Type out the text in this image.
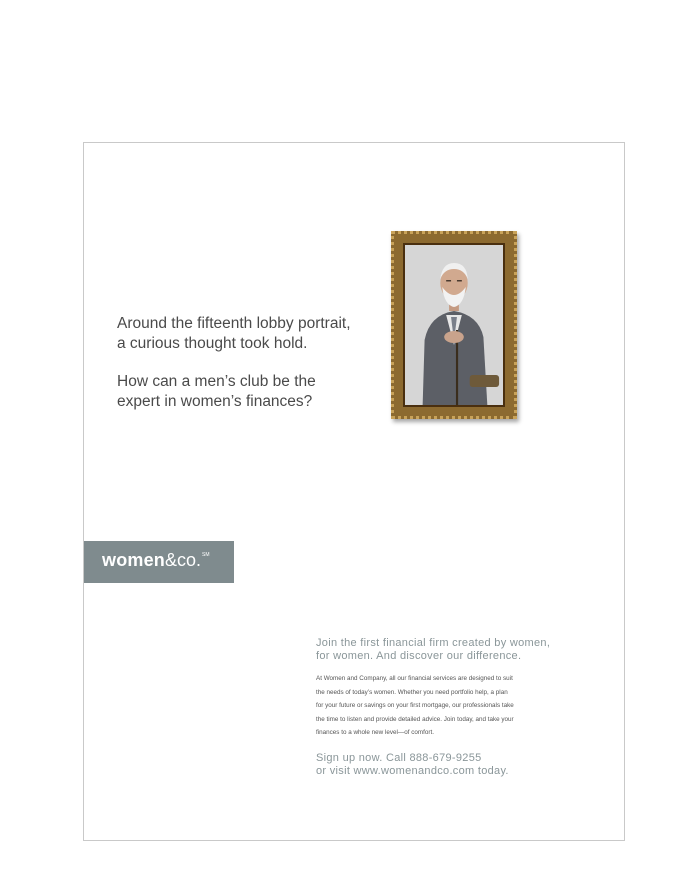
Around the fifteenth lobby portrait,

a curious thought took hold.

How can a men’s club be the

expert in women’s finances?

women&co.℠

Join the first financial firm created by women,
for women. And discover our difference.

At Women and Company, all our financial services are designed to suit
the needs of today’s women. Whether you need portfolio help, a plan
for your future or savings on your first mortgage, our professionals take
the time to listen and provide detailed advice. Join today, and take your
finances to a whole new level—of comfort.

Sign up now. Call 888-679-9255
or visit www.womenandco.com today.
